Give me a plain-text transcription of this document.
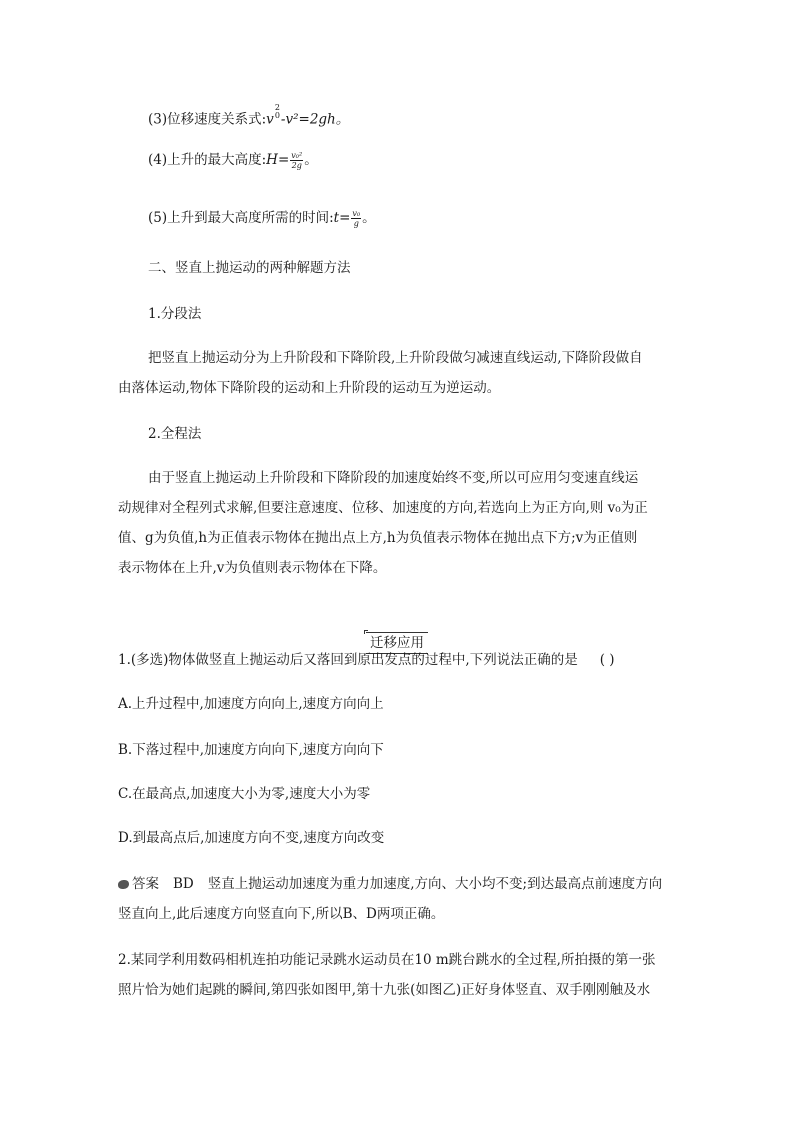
(3)位移速度关系式:v
2
0 -v²=2gh。
(4)上升的最大高度:H= $\frac{\text{v₀²}}{2g}$ 。
(5)上升到最大高度所需的时间:t= $\frac{\text{v₀}}{g}$ 。
二、竖直上抛运动的两种解题方法
1.分段法
把竖直上抛运动分为上升阶段和下降阶段,上升阶段做匀减速直线运动,下降阶段做自
由落体运动,物体下降阶段的运动和上升阶段的运动互为逆运动。
2.全程法
由于竖直上抛运动上升阶段和下降阶段的加速度始终不变,所以可应用匀变速直线运
动规律对全程列式求解,但要注意速度、位移、加速度的方向,若选向上为正方向,则 v₀为正
值、g为负值,h为正值表示物体在抛出点上方,h为负值表示物体在抛出点下方;v为正值则
表示物体在上升,v为负值则表示物体在下降。
迁移应用
1.(多选)物体做竖直上抛运动后又落回到原出发点的过程中,下列说法正确的是 ( )
A.上升过程中,加速度方向向上,速度方向向上
B.下落过程中,加速度方向向下,速度方向向下
C.在最高点,加速度大小为零,速度大小为零
D.到最高点后,加速度方向不变,速度方向改变
答案 BD 竖直上抛运动加速度为重力加速度,方向、大小均不变;到达最高点前速度方向
竖直向上,此后速度方向竖直向下,所以B、D两项正确。
2.某同学利用数码相机连拍功能记录跳水运动员在10 m跳台跳水的全过程,所拍摄的第一张
照片恰为她们起跳的瞬间,第四张如图甲,第十九张(如图乙)正好身体竖直、双手刚刚触及水
